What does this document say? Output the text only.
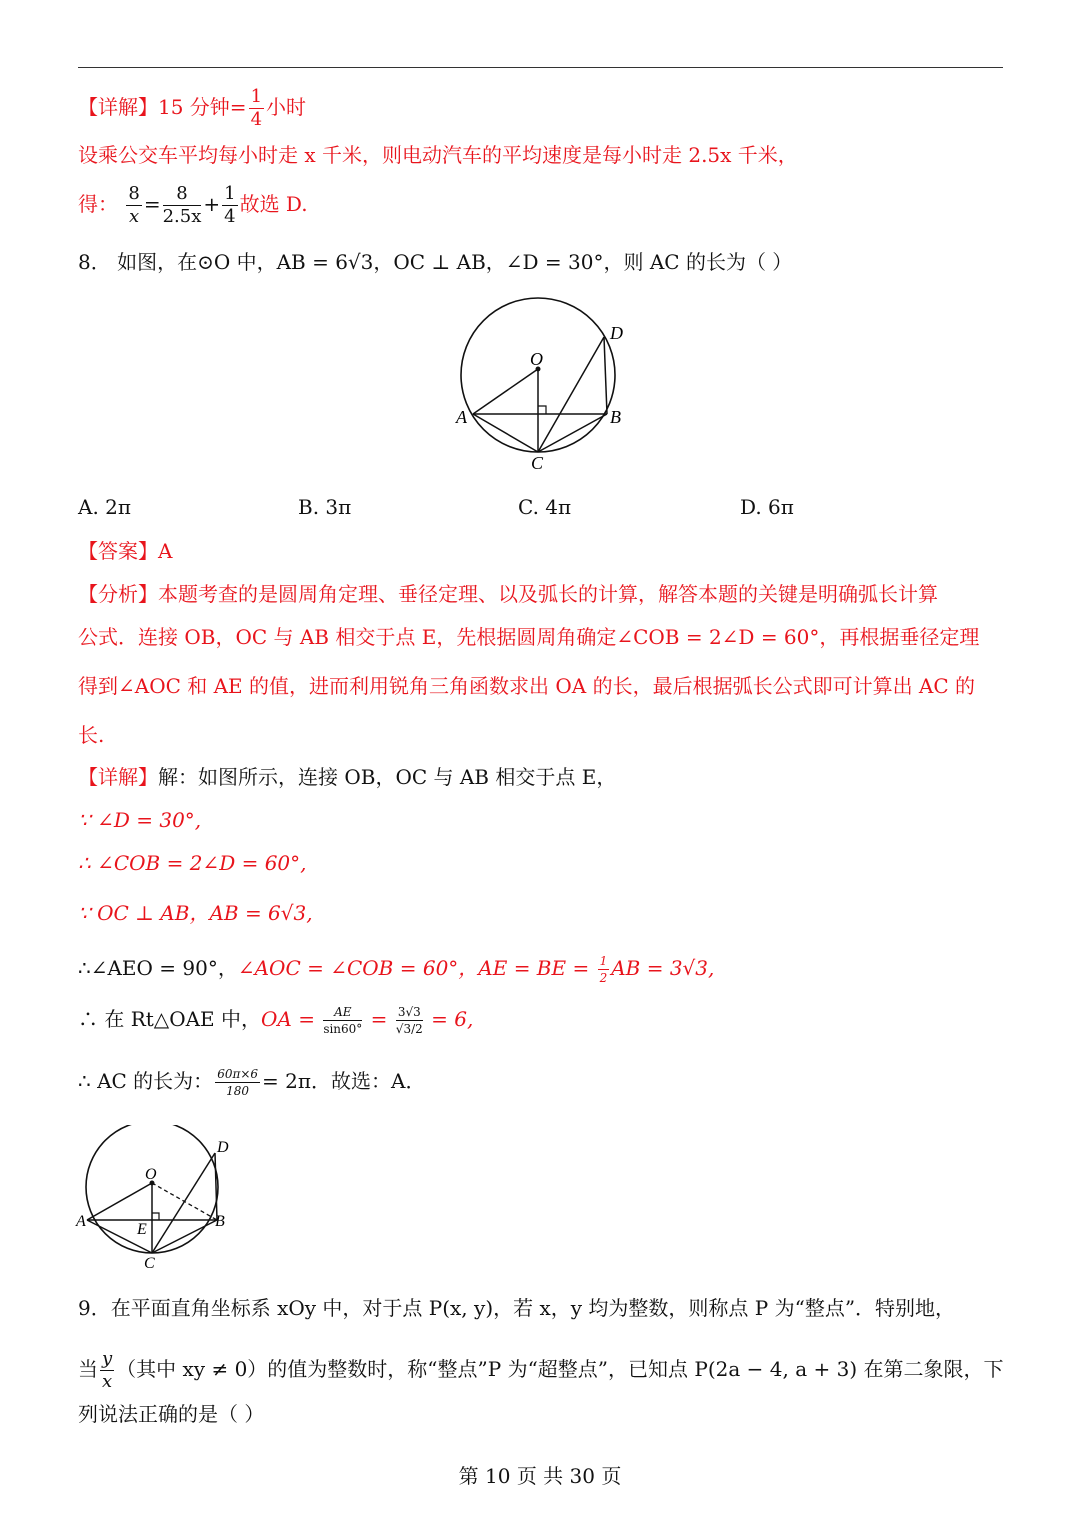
【详解】15 分钟= $\frac{1}{4}$ 小时
设乘公交车平均每小时走 x 千米，则电动汽车的平均速度是每小时走 2.5x 千米，
得： $\frac{8}{x} = \frac{8}{2.5x} + \frac{1}{4}$ 故选 D.
8． 如图，在⊙O 中，AB = 6√3，OC ⊥ AB，∠D = 30°，则 AC 的长为（ ）
O
A	B
C
D
A. 2π	B. 3π	C. 4π	D. 6π
【答案】A
【分析】本题考查的是圆周角定理、垂径定理、以及弧长的计算，解答本题的关键是明确弧长计算
公式．连接 OB，OC 与 AB 相交于点 E，先根据圆周角确定∠COB = 2∠D = 60°，再根据垂径定理
得到∠AOC 和 AE 的值，进而利用锐角三角函数求出 OA 的长，最后根据弧长公式即可计算出 AC 的
长.
【详解】解：如图所示，连接 OB，OC 与 AB 相交于点 E，
∵ ∠D = 30°,
∴ ∠COB = 2∠D = 60°,
∵ OC ⊥ AB，AB = 6√3,
∴∠AEO = 90°，∠AOC = ∠COB = 60°，AE = BE = $\frac{1}{2}$ AB = 3√3,
∴ 在 Rt△OAE 中，OA = $\frac{AE}{\sin 60^\circ} = \frac{3√3}{√3/2} = 6$,
∴ AC 的长为： $\frac{60\pi\times 6}{180} = 2\pi$．故选：A．
O
A	B
C
D
E
9．在平面直角坐标系 xOy 中，对于点 P(x, y)，若 x，y 均为整数，则称点 P 为“整点”．特别地，
当 $\frac{y}{x}$ （其中 xy ≠ 0）的值为整数时，称“整点”P 为“超整点”，已知点 P(2a − 4, a + 3) 在第二象限，下
列说法正确的是（ ）
第 10 页 共 30 页
